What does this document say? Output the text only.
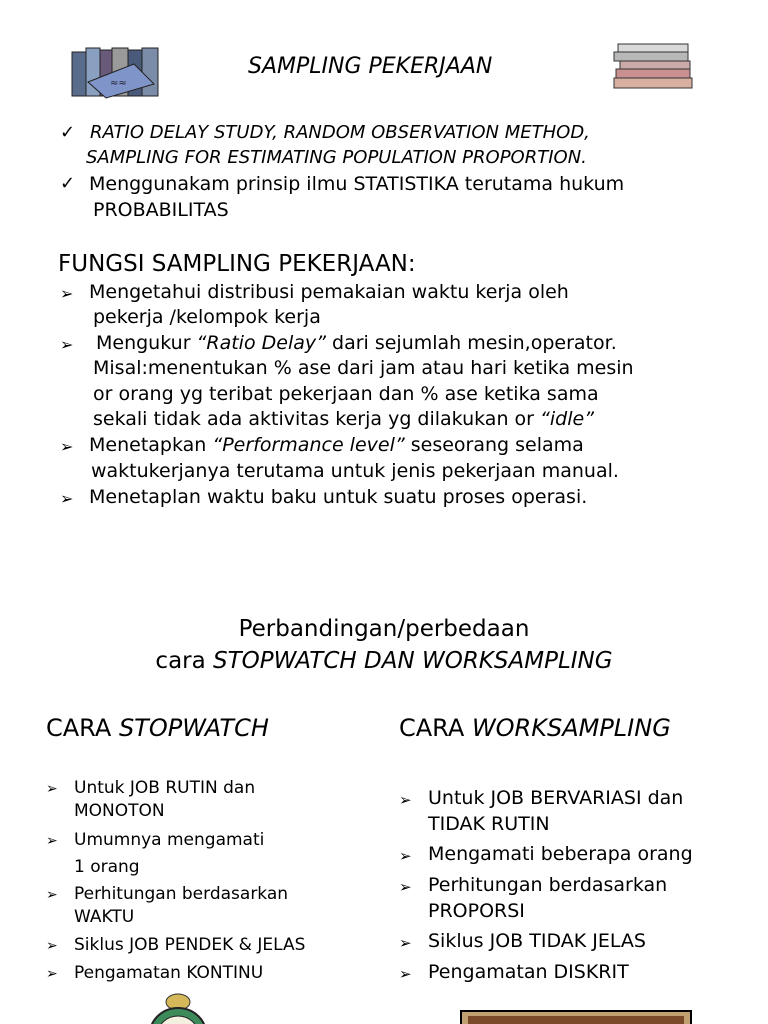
≈≈
SAMPLING PEKERJAAN
✓ RATIO DELAY STUDY, RANDOM OBSERVATION METHOD,
SAMPLING FOR ESTIMATING POPULATION PROPORTION.
✓ Menggunakam prinsip ilmu STATISTIKA terutama hukum
PROBABILITAS
FUNGSI SAMPLING PEKERJAAN:
➢ Mengetahui distribusi pemakaian waktu kerja oleh
pekerja /kelompok kerja
➢ Mengukur “Ratio Delay” dari sejumlah mesin,operator.
Misal:menentukan % ase dari jam atau hari ketika mesin
or orang yg teribat pekerjaan dan % ase ketika sama
sekali tidak ada aktivitas kerja yg dilakukan or “idle”
➢ Menetapkan “Performance level” seseorang selama
waktukerjanya terutama untuk jenis pekerjaan manual.
➢ Menetaplan waktu baku untuk suatu proses operasi.
Perbandingan/perbedaan
cara STOPWATCH DAN WORKSAMPLING
CARA STOPWATCH	CARA WORKSAMPLING
➢ Untuk JOB RUTIN dan
MONOTON
➢ Umumnya mengamati
1 orang
➢ Perhitungan berdasarkan
WAKTU
➢ Siklus JOB PENDEK & JELAS
➢ Pengamatan KONTINU
➢ Untuk JOB BERVARIASI dan
TIDAK RUTIN
➢ Mengamati beberapa orang
➢ Perhitungan berdasarkan
PROPORSI
➢ Siklus JOB TIDAK JELAS
➢ Pengamatan DISKRIT
